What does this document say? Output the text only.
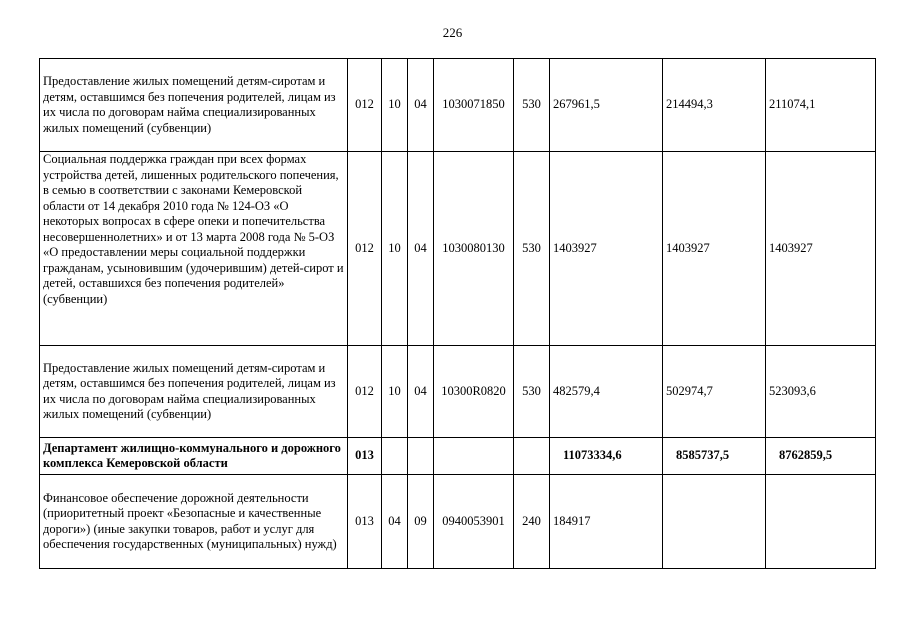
226
Предоставление жилых помещений детям-сиротам и детям, оставшимся без попечения родителей, лицам из их числа по договорам найма специализированных жилых помещений (субвенции)	012	10	04	1030071850	530	267961,5	214494,3	211074,1
Социальная поддержка граждан при всех формах устройства детей, лишенных родительского попечения, в семью в соответствии с законами Кемеровской области от 14 декабря 2010 года № 124-ОЗ «О некоторых вопросах в сфере опеки и попечительства несовершеннолетних» и от 13 марта 2008 года № 5-ОЗ «О предоставлении меры социальной поддержки гражданам, усыновившим (удочерившим) детей-сирот и детей, оставшихся без попечения родителей» (субвенции)	012	10	04	1030080130	530	1403927	1403927	1403927
Предоставление жилых помещений детям-сиротам и детям, оставшимся без попечения родителей, лицам из их числа по договорам найма специализированных жилых помещений (субвенции)	012	10	04	10300R0820	530	482579,4	502974,7	523093,6
Департамент жилищно-коммунального и дорожного комплекса Кемеровской области	013					11073334,6	8585737,5	8762859,5
Финансовое обеспечение дорожной деятельности (приоритетный проект «Безопасные и качественные дороги») (иные закупки товаров, работ и услуг для обеспечения государственных (муниципальных) нужд)	013	04	09	0940053901	240	184917		
